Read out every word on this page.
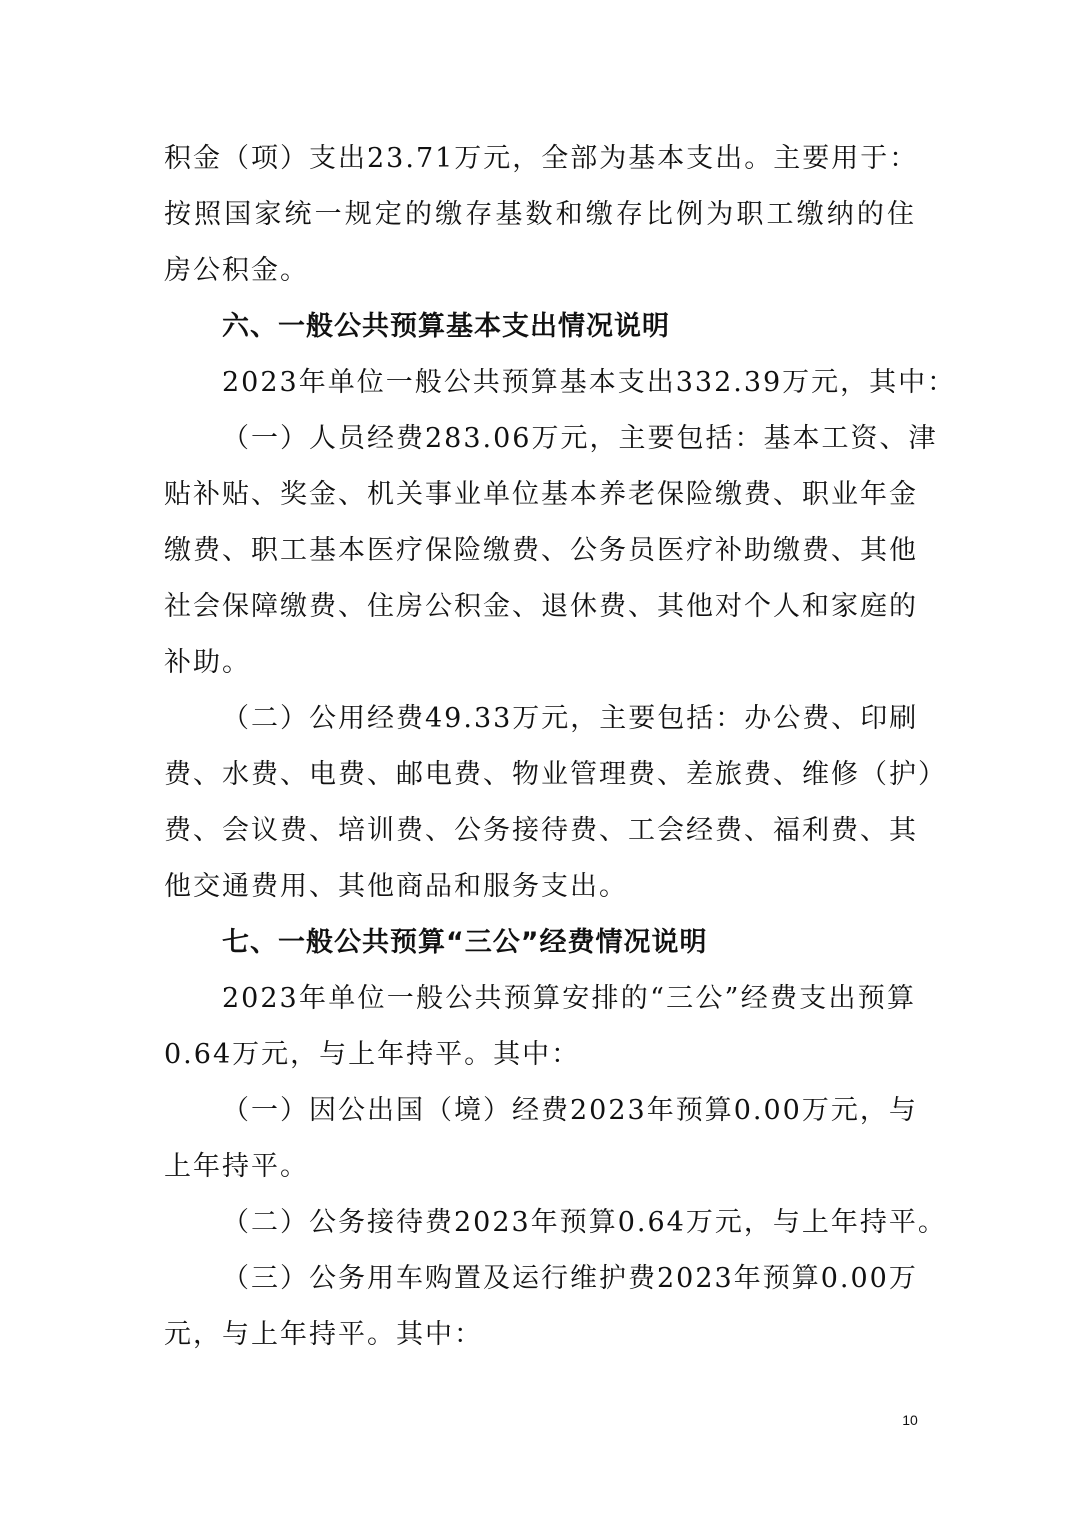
积金（项）支出23.71万元，全部为基本支出。主要用于：
按照国家统一规定的缴存基数和缴存比例为职工缴纳的住
房公积金。
六、一般公共预算基本支出情况说明
2023年单位一般公共预算基本支出332.39万元，其中：
（一）人员经费283.06万元，主要包括：基本工资、津
贴补贴、奖金、机关事业单位基本养老保险缴费、职业年金
缴费、职工基本医疗保险缴费、公务员医疗补助缴费、其他
社会保障缴费、住房公积金、退休费、其他对个人和家庭的
补助。
（二）公用经费49.33万元，主要包括：办公费、印刷
费、水费、电费、邮电费、物业管理费、差旅费、维修（护）
费、会议费、培训费、公务接待费、工会经费、福利费、其
他交通费用、其他商品和服务支出。
七、一般公共预算“三公”经费情况说明
2023年单位一般公共预算安排的“三公”经费支出预算
0.64万元，与上年持平。其中：
（一）因公出国（境）经费2023年预算0.00万元，与
上年持平。
（二）公务接待费2023年预算0.64万元，与上年持平。
（三）公务用车购置及运行维护费2023年预算0.00万
元，与上年持平。其中：
10
